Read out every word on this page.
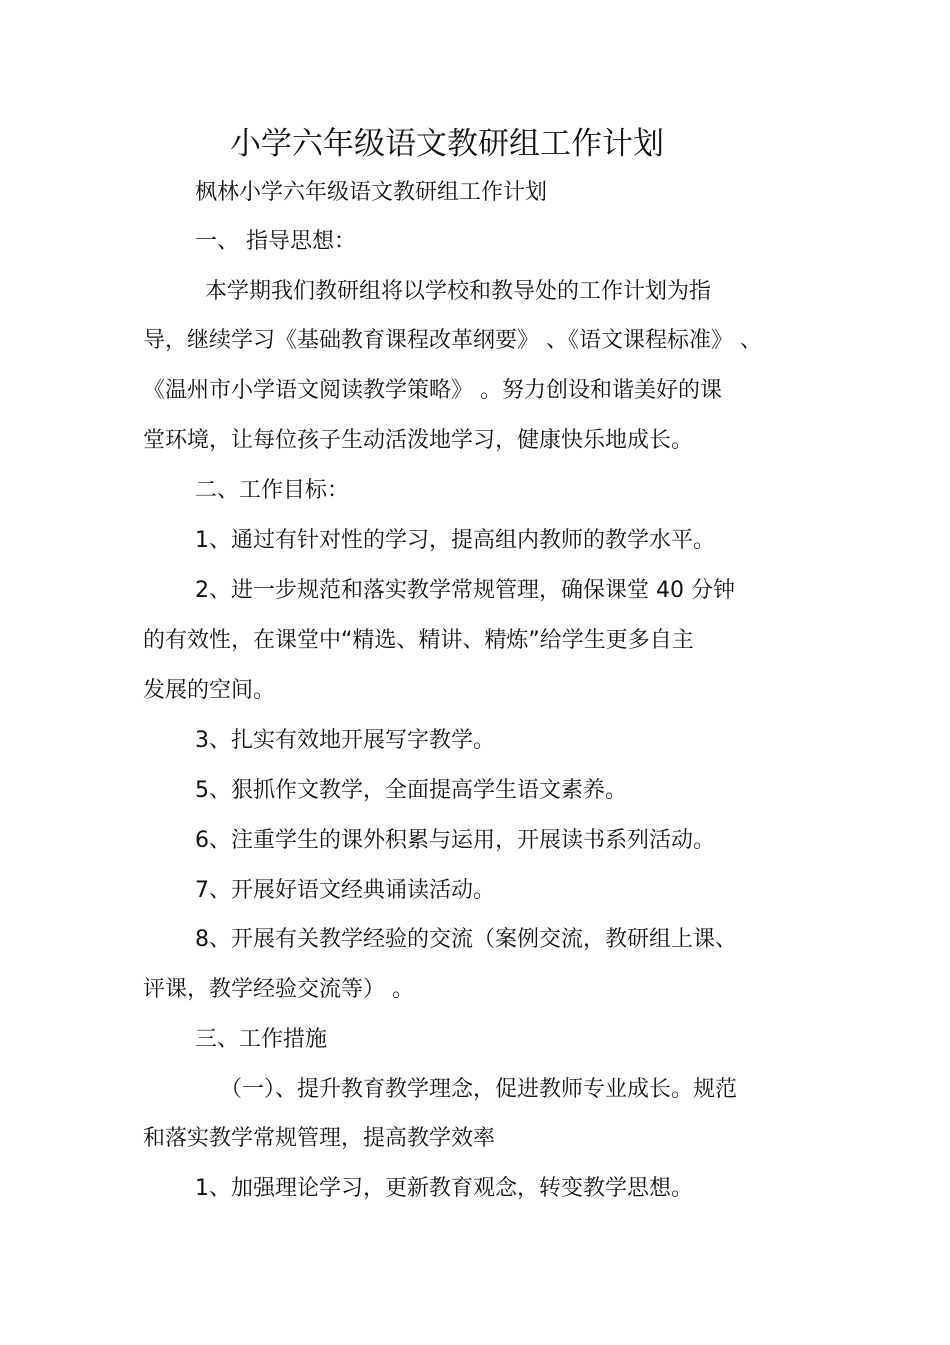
小学六年级语文教研组工作计划
枫林小学六年级语文教研组工作计划
一、 指导思想：
本学期我们教研组将以学校和教导处的工作计划为指
导，继续学习《基础教育课程改革纲要》 、《语文课程标准》 、
《温州市小学语文阅读教学策略》 。努力创设和谐美好的课
堂环境，让每位孩子生动活泼地学习，健康快乐地成长。
二、工作目标：
1、通过有针对性的学习，提高组内教师的教学水平。
2、进一步规范和落实教学常规管理，确保课堂 40 分钟
的有效性，在课堂中“精选、精讲、精炼”给学生更多自主
发展的空间。
3、扎实有效地开展写字教学。
5、狠抓作文教学，全面提高学生语文素养。
6、注重学生的课外积累与运用，开展读书系列活动。
7、开展好语文经典诵读活动。
8、开展有关教学经验的交流（案例交流，教研组上课、
评课，教学经验交流等） 。
三、工作措施
（一）、提升教育教学理念，促进教师专业成长。规范
和落实教学常规管理，提高教学效率
1、加强理论学习，更新教育观念，转变教学思想。
